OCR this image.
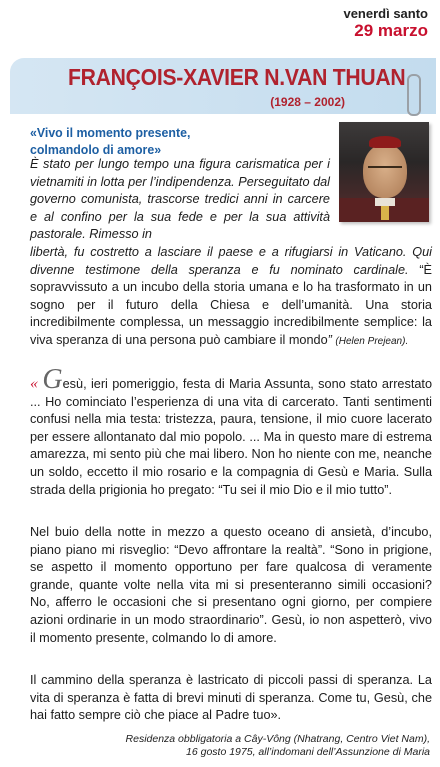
venerdì santo
29 marzo
FRANÇOIS-XAVIER N.VAN THUAN
(1928 – 2002)
«Vivo il momento presente,
colmandolo di amore»
È stato per lungo tempo una figura carismatica per i vietnamiti in lotta per l’indipendenza. Perseguitato dal governo comunista, trascorse tredici anni in carcere e al confino per la sua fede e per la sua attività pastorale. Rimesso in
libertà, fu costretto a lasciare il paese e a rifugiarsi in Vaticano. Qui divenne testimone della speranza e fu nominato cardinale. “È sopravvissuto a un incubo della storia umana e lo ha trasformato in un sogno per il futuro della Chiesa e dell’umanità. Una storia incredibilmente complessa, un messaggio incredibilmente semplice: la viva speranza di una persona può cambiare il mondo” (Helen Prejean).
« Gesù, ieri pomeriggio, festa di Maria Assunta, sono stato arrestato ... Ho cominciato l’esperienza di una vita di carcerato. Tanti sentimenti confusi nella mia testa: tristezza, paura, tensione, il mio cuore lacerato per essere allontanato dal mio popolo. ... Ma in questo mare di estrema amarezza, mi sento più che mai libero. Non ho niente con me, neanche un soldo, eccetto il mio rosario e la compagnia di Gesù e Maria. Sulla strada della prigionia ho pregato: “Tu sei il mio Dio e il mio tutto”.
Nel buio della notte in mezzo a questo oceano di ansietà, d’incubo, piano piano mi risveglio: “Devo affrontare la realtà”. “Sono in prigione, se aspetto il momento opportuno per fare qualcosa di veramente grande, quante volte nella vita mi si presenteranno simili occasioni? No, afferro le occasioni che si presentano ogni giorno, per compiere azioni ordinarie in un modo straordinario”. Gesù, io non aspetterò, vivo il momento presente, colmando lo di amore.
Il cammino della speranza è lastricato di piccoli passi di speranza. La vita di speranza è fatta di brevi minuti di speranza. Come tu, Gesù, che hai fatto sempre ciò che piace al Padre tuo».
Residenza obbligatoria a Cây-Vông (Nhatrang, Centro Viet Nam),
16 gosto 1975, all’indomani dell’Assunzione di Maria
